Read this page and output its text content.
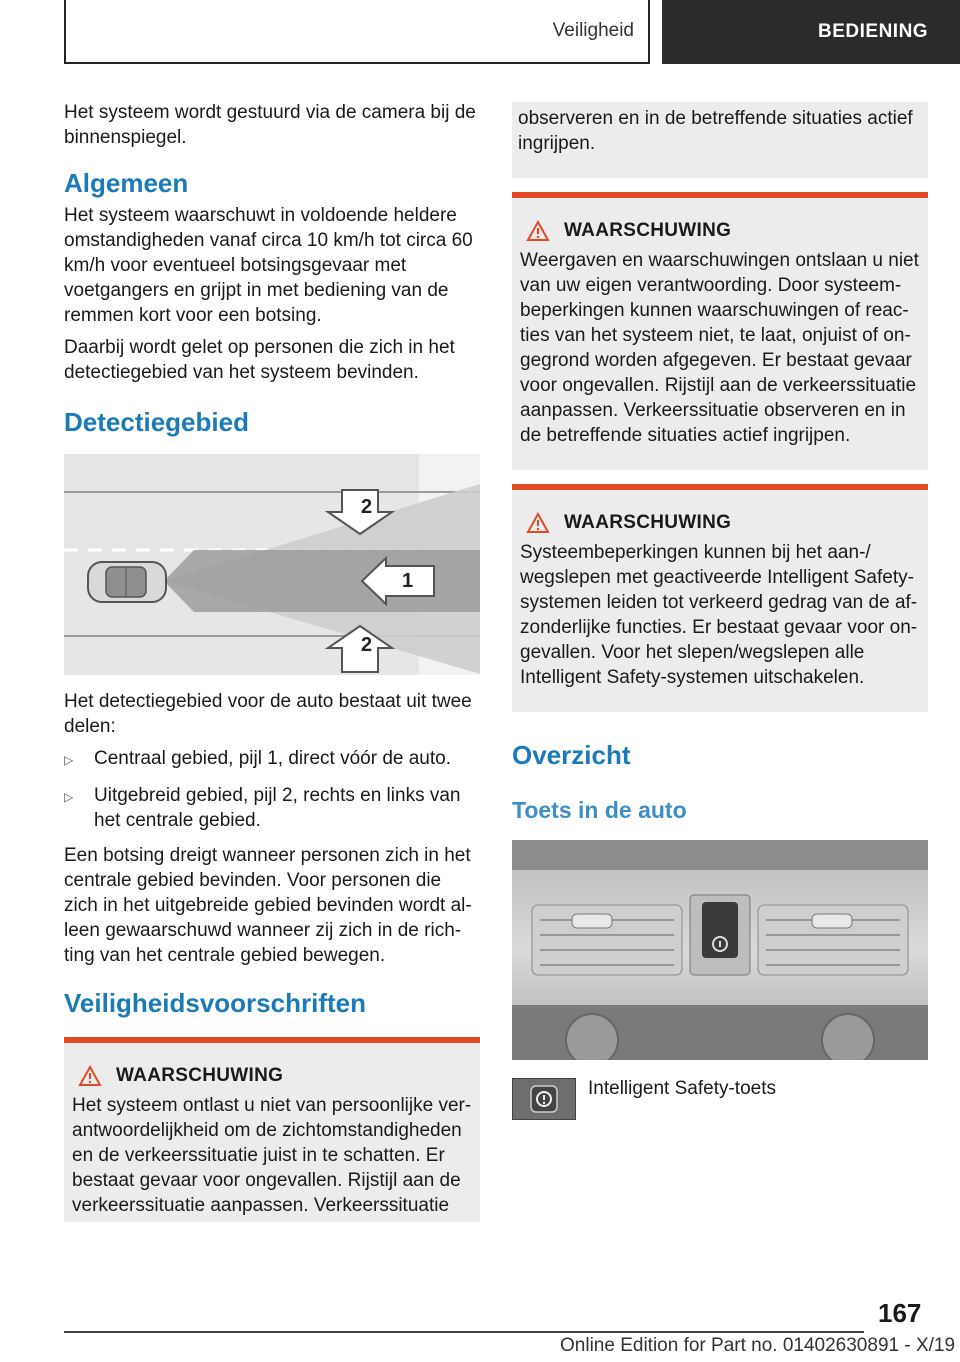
Veiligheid	BEDIENING

Het systeem wordt gestuurd via de camera bij de binnenspiegel.

Algemeen

Het systeem waarschuwt in voldoende heldere omstandigheden vanaf circa 10 km/h tot circa 60 km/h voor eventueel botsingsgevaar met voetgangers en grijpt in met bediening van de remmen kort voor een botsing.

Daarbij wordt gelet op personen die zich in het detectiegebied van het systeem bevinden.

Detectiegebied
2
1
2

Het detectiegebied voor de auto bestaat uit twee delen:

▷	Centraal gebied, pijl 1, direct vóór de auto.
▷	Uitgebreid gebied, pijl 2, rechts en links van het centrale gebied.

Een botsing dreigt wanneer personen zich in het centrale gebied bevinden. Voor personen die zich in het uitgebreide gebied bevinden wordt alleen gewaarschuwd wanneer zij zich in de richting van het centrale gebied bewegen.

Veiligheidsvoorschriften
WAARSCHUWING

Het systeem ontlast u niet van persoonlijke verantwoordelijkheid om de zichtomstandigheden en de verkeerssituatie juist in te schatten. Er bestaat gevaar voor ongevallen. Rijstijl aan de verkeerssituatie aanpassen. Verkeerssituatie

observeren en in de betreffende situaties actief ingrijpen.

WAARSCHUWING

Weergaven en waarschuwingen ontslaan u niet van uw eigen verantwoording. Door systeembeperkingen kunnen waarschuwingen of reacties van het systeem niet, te laat, onjuist of ongegrond worden afgegeven. Er bestaat gevaar voor ongevallen. Rijstijl aan de verkeerssituatie aanpassen. Verkeerssituatie observeren en in de betreffende situaties actief ingrijpen.

WAARSCHUWING

Systeembeperkingen kunnen bij het aan-/ wegslepen met geactiveerde Intelligent Safety-systemen leiden tot verkeerd gedrag van de afzonderlijke functies. Er bestaat gevaar voor ongevallen. Voor het slepen/wegslepen alle Intelligent Safety-systemen uitschakelen.

Overzicht
Toets in de auto
Intelligent Safety-toets
167
Online Edition for Part no. 01402630891 - X/19
